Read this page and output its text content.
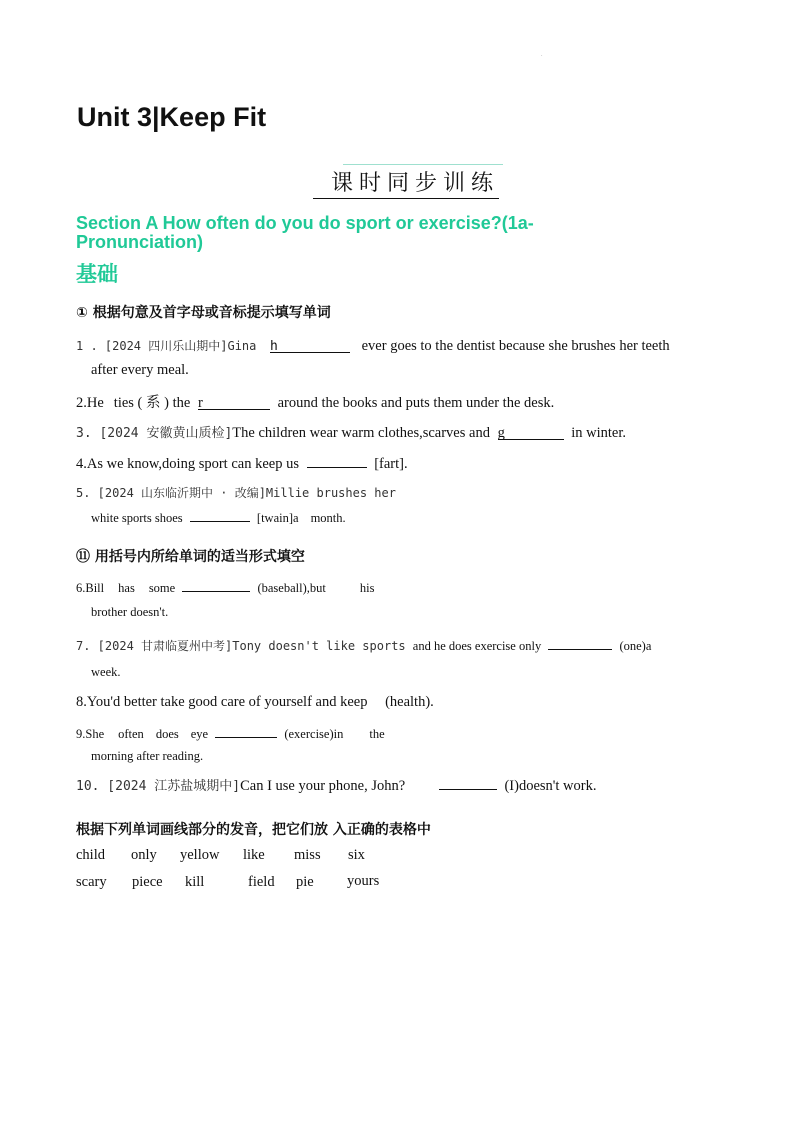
.
Unit 3|Keep Fit
课时同步训练
Section A How often do you do sport or exercise?(1a-Pronunciation)
基础
① 根据句意及首字母或音标提示填写单词
1 . [2024 四川乐山期中]Gina h	ever goes to the dentist because she brushes her teeth
after every meal.
2.He ties ( 系 ) the r	around the books and puts them under the desk.
3. [2024 安徽黄山质检]The children wear warm clothes,scarves and g	in winter.
4.As we know,doing sport can keep us	[fart].
5. [2024 山东临沂期中 · 改编]Millie brushes her
white sports shoes	[twain]a month.
⑪ 用括号内所给单词的适当形式填空
6.Bill has some	(baseball),but	his
brother doesn't.
7. [2024 甘肃临夏州中考]Tony doesn't like sports and he does exercise only	(one)a
week.
8.You'd better take good care of yourself and keep (health).
9.She often does eye	(exercise)in the
morning after reading.
10. [2024 江苏盐城期中]Can I use your phone, John?	(I)doesn't work.
根据下列单词画线部分的发音，把它们放 入正确的表格中
child only yellow like miss six
scary piece kill	field pie yours
